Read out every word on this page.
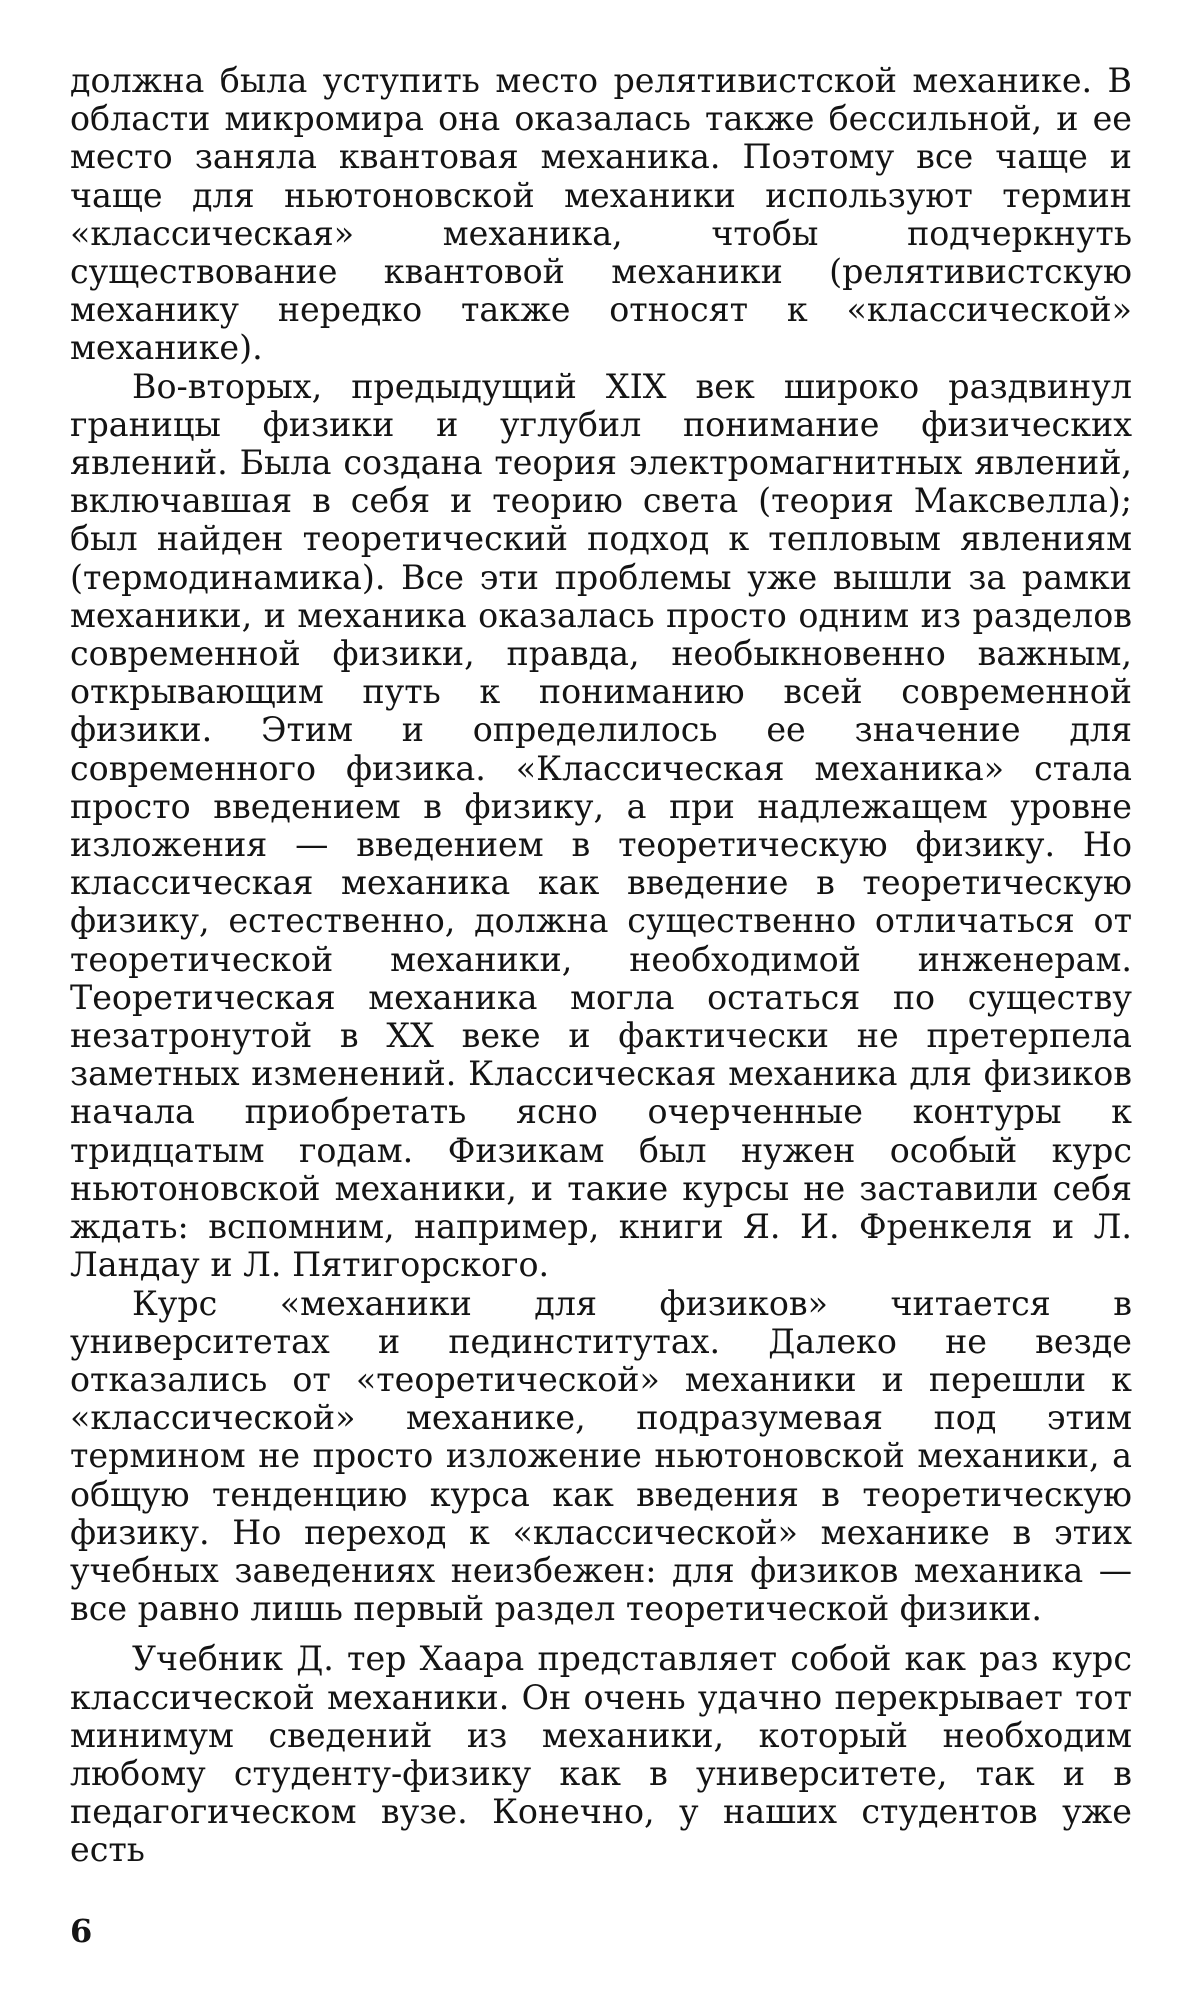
должна была уступить место релятивистской механике. В области микромира она оказалась также бессильной, и ее место заняла квантовая механика. Поэтому все чаще и чаще для ньютоновской механики используют термин «классическая» механика, чтобы подчеркнуть существование квантовой механики (релятивистскую механику нередко также относят к «классической» механике).

Во-вторых, предыдущий XIX век широко раздвинул границы физики и углубил понимание физических явлений. Была создана теория электромагнитных явлений, включавшая в себя и теорию света (теория Максвелла); был найден теоретический подход к тепловым явлениям (термодинамика). Все эти проблемы уже вышли за рамки механики, и механика оказалась просто одним из разделов современной физики, правда, необыкновенно важным, открывающим путь к пониманию всей современной физики. Этим и определилось ее значение для современного физика. «Классическая механика» стала просто введением в физику, а при надлежащем уровне изложения — введением в теоретическую физику. Но классическая механика как введение в теоретическую физику, естественно, должна существенно отличаться от теоретической механики, необходимой инженерам. Теоретическая механика могла остаться по существу незатронутой в XX веке и фактически не претерпела заметных изменений. Классическая механика для физиков начала приобретать ясно очерченные контуры к тридцатым годам. Физикам был нужен особый курс ньютоновской механики, и такие курсы не заставили себя ждать: вспомним, например, книги Я. И. Френкеля и Л. Ландау и Л. Пятигорского.

Курс «механики для физиков» читается в университетах и пединститутах. Далеко не везде отказались от «теоретической» механики и перешли к «классической» механике, подразумевая под этим термином не просто изложение ньютоновской механики, а общую тенденцию курса как введения в теоретическую физику. Но переход к «классической» механике в этих учебных заведениях неизбежен: для физиков механика — все равно лишь первый раздел теоретической физики.

Учебник Д. тер Хаара представляет собой как раз курс классической механики. Он очень удачно перекрывает тот минимум сведений из механики, который необходим любому студенту-физику как в университете, так и в педагогическом вузе. Конечно, у наших студентов уже есть

6
